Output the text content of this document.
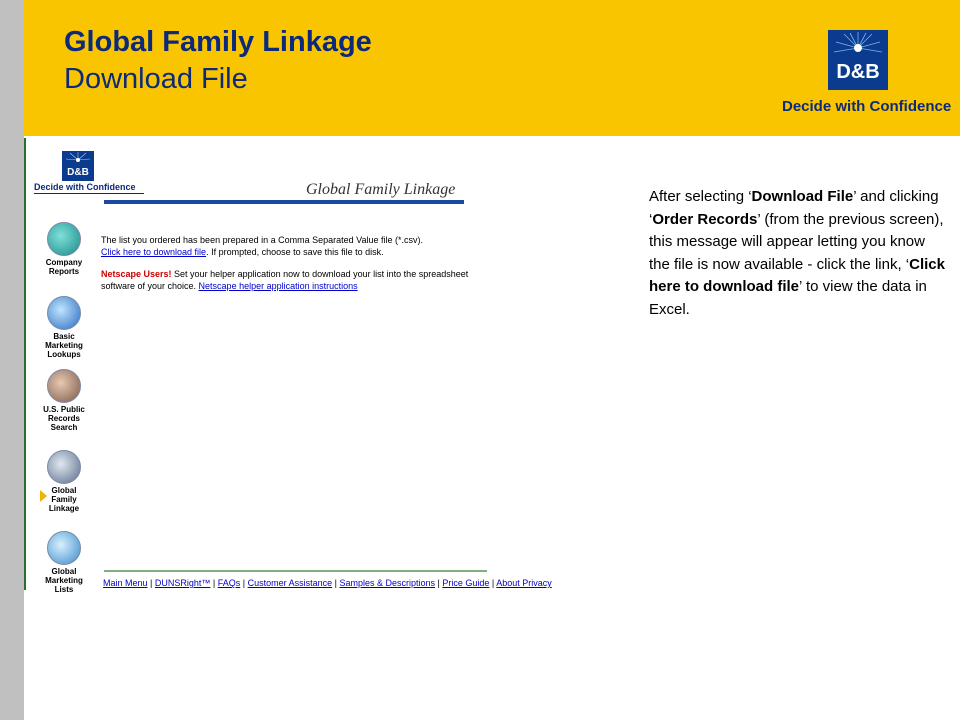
Global Family Linkage
Download File	D&B
Decide with Confidence
D&B
Decide with Confidence	Global Family Linkage
Company Reports
Basic Marketing Lookups
U.S. Public Records Search
Global Family Linkage
Global Marketing Lists
The list you ordered has been prepared in a Comma Separated Value file (*.csv).
Click here to download file. If prompted, choose to save this file to disk.
Netscape Users! Set your helper application now to download your list into the spreadsheet
software of your choice. Netscape helper application instructions
Main Menu | DUNSRight™ | FAQs | Customer Assistance | Samples & Descriptions | Price Guide | About Privacy
After selecting ‘Download File’ and clicking ‘Order Records’ (from the previous screen), this message will appear letting you know the file is now available - click the link, ‘Click here to download file’ to view the data in Excel.
